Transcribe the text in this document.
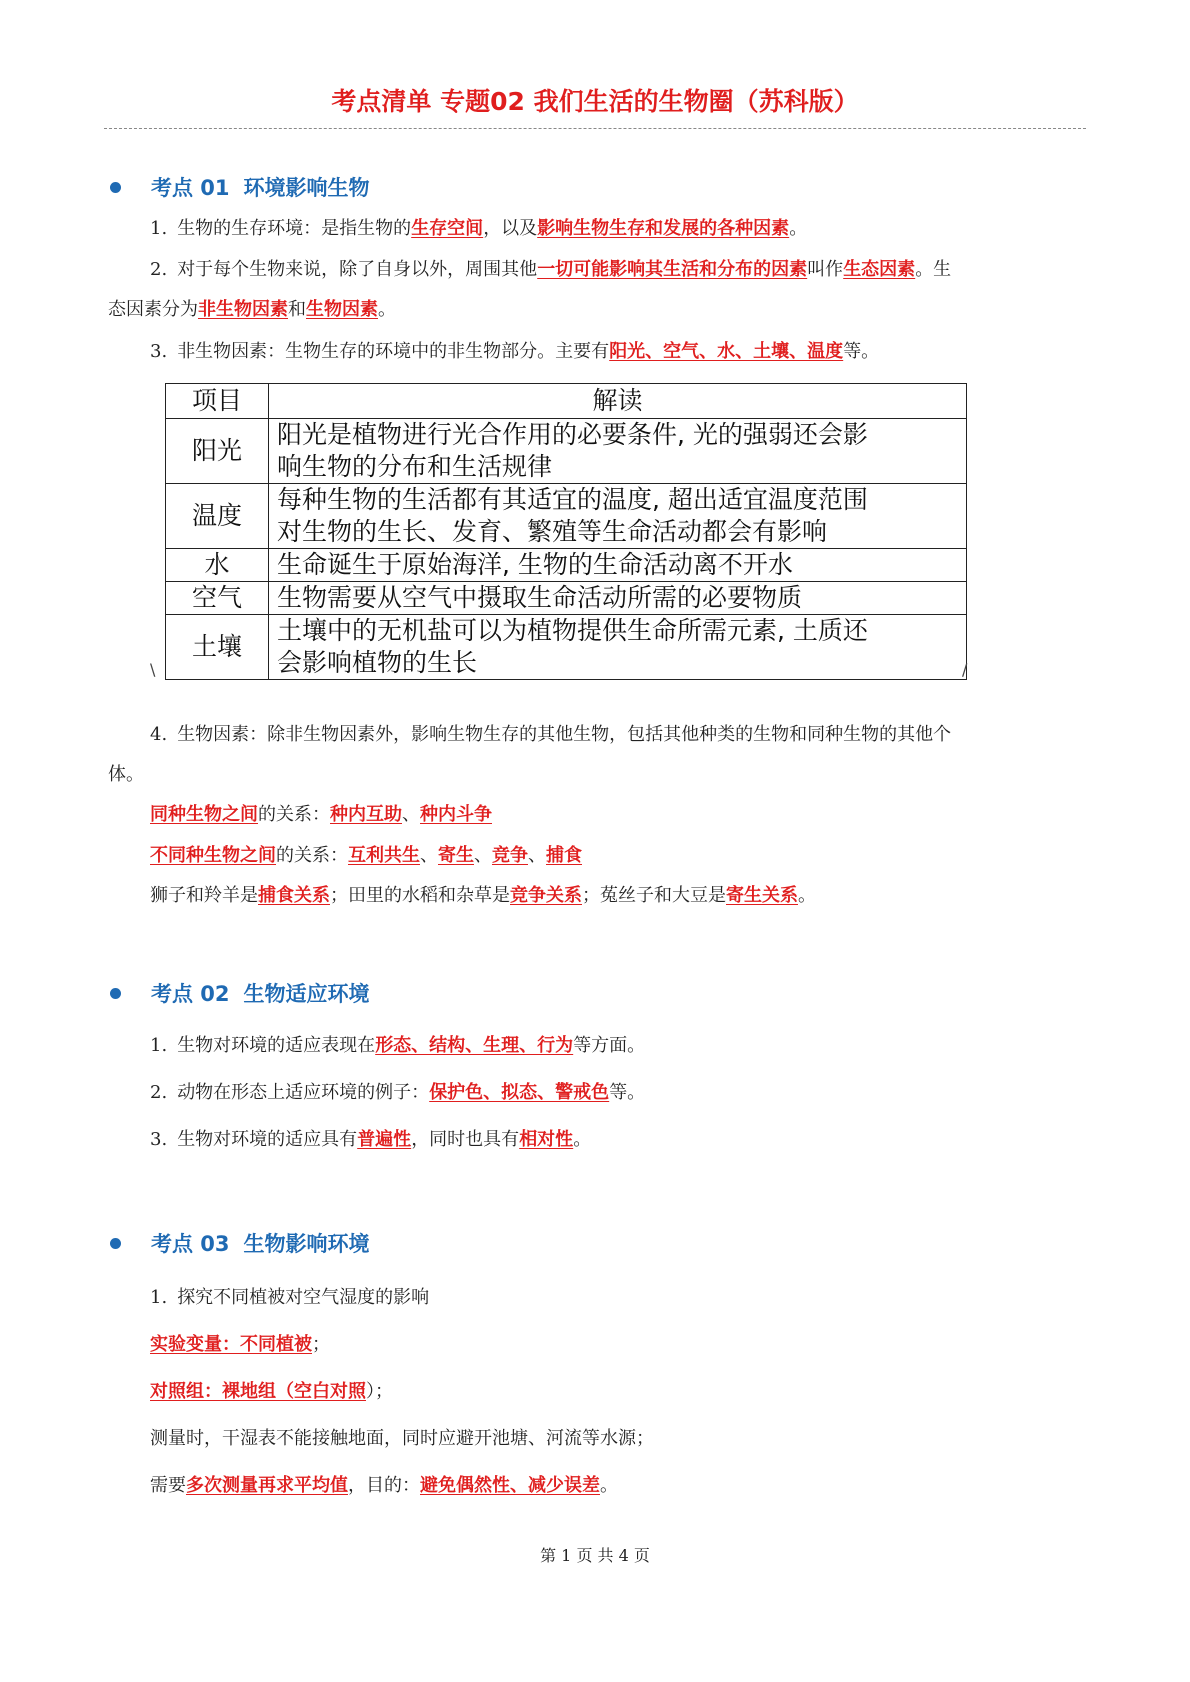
考点清单 专题02 我们生活的生物圈（苏科版）
考点 01 环境影响生物
1. 生物的生存环境：是指生物的生存空间，以及影响生物生存和发展的各种因素。
2. 对于每个生物来说，除了自身以外，周围其他一切可能影响其生活和分布的因素叫作生态因素。生
态因素分为非生物因素和生物因素。
3. 非生物因素：生物生存的环境中的非生物部分。主要有阳光、空气、水、土壤、温度等。
项目	解读
阳光	阳光是植物进行光合作用的必要条件, 光的强弱还会影
响生物的分布和生活规律
温度	每种生物的生活都有其适宜的温度, 超出适宜温度范围
对生物的生长、发育、繁殖等生命活动都会有影响
水	生命诞生于原始海洋, 生物的生命活动离不开水
空气	生物需要从空气中摄取生命活动所需的必要物质
土壤	土壤中的无机盐可以为植物提供生命所需元素, 土质还
会影响植物的生长
\	/
4. 生物因素：除非生物因素外，影响生物生存的其他生物，包括其他种类的生物和同种生物的其他个
体。
同种生物之间的关系：种内互助、种内斗争
不同种生物之间的关系：互利共生、寄生、竞争、捕食
狮子和羚羊是捕食关系；田里的水稻和杂草是竞争关系；菟丝子和大豆是寄生关系。
考点 02 生物适应环境
1. 生物对环境的适应表现在形态、结构、生理、行为等方面。
2. 动物在形态上适应环境的例子：保护色、拟态、警戒色等。
3. 生物对环境的适应具有普遍性，同时也具有相对性。
考点 03 生物影响环境
1. 探究不同植被对空气湿度的影响
实验变量：不同植被；
对照组：裸地组（空白对照）；
测量时，干湿表不能接触地面，同时应避开池塘、河流等水源；
需要多次测量再求平均值，目的：避免偶然性、减少误差。
第 1 页 共 4 页
